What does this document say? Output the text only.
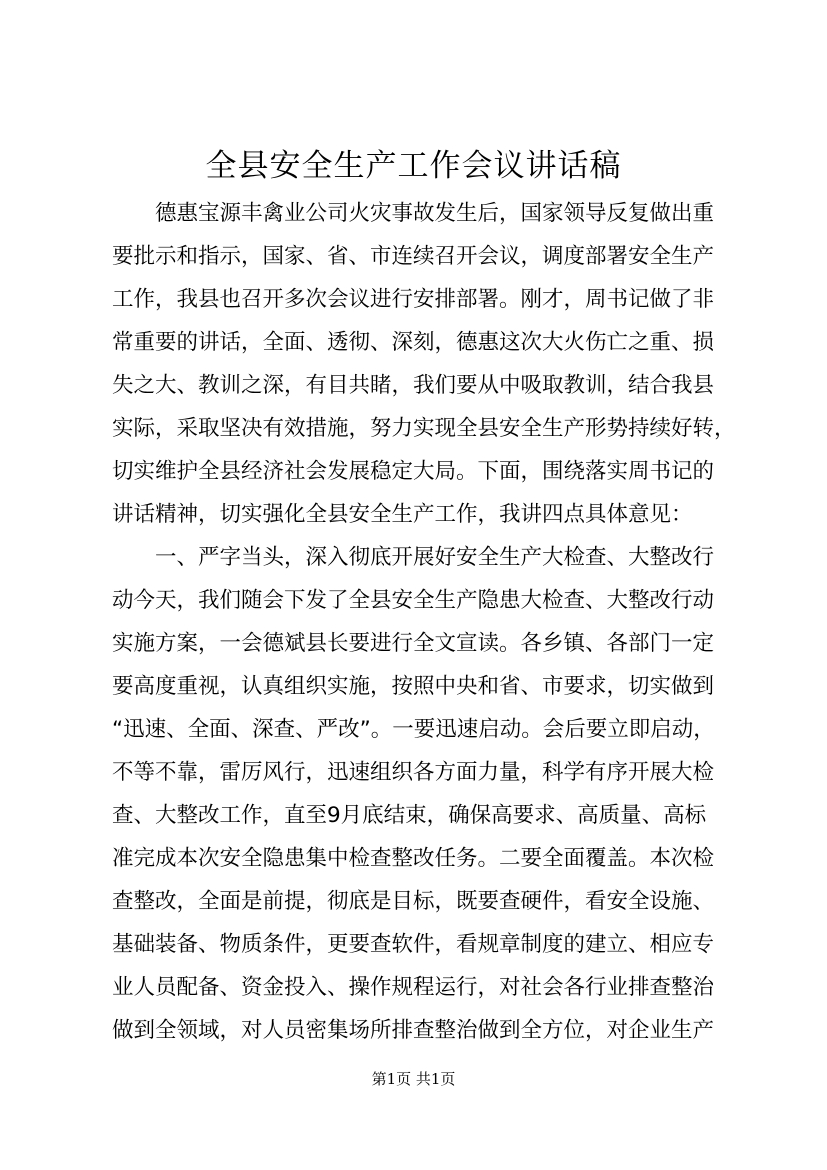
全县安全生产工作会议讲话稿
　　德惠宝源丰禽业公司火灾事故发生后，国家领导反复做出重
要批示和指示，国家、省、市连续召开会议，调度部署安全生产
工作，我县也召开多次会议进行安排部署。刚才，周书记做了非
常重要的讲话，全面、透彻、深刻，德惠这次大火伤亡之重、损
失之大、教训之深，有目共睹，我们要从中吸取教训，结合我县
实际，采取坚决有效措施，努力实现全县安全生产形势持续好转，
切实维护全县经济社会发展稳定大局。下面，围绕落实周书记的
讲话精神，切实强化全县安全生产工作，我讲四点具体意见：
　　一、严字当头，深入彻底开展好安全生产大检查、大整改行
动今天，我们随会下发了全县安全生产隐患大检查、大整改行动
实施方案，一会德斌县长要进行全文宣读。各乡镇、各部门一定
要高度重视，认真组织实施，按照中央和省、市要求，切实做到
“迅速、全面、深查、严改”。一要迅速启动。会后要立即启动，
不等不靠，雷厉风行，迅速组织各方面力量，科学有序开展大检
查、大整改工作，直至9月底结束，确保高要求、高质量、高标
准完成本次安全隐患集中检查整改任务。二要全面覆盖。本次检
查整改，全面是前提，彻底是目标，既要查硬件，看安全设施、
基础装备、物质条件，更要查软件，看规章制度的建立、相应专
业人员配备、资金投入、操作规程运行，对社会各行业排查整治
做到全领域，对人员密集场所排查整治做到全方位，对企业生产
第1页 共1页
